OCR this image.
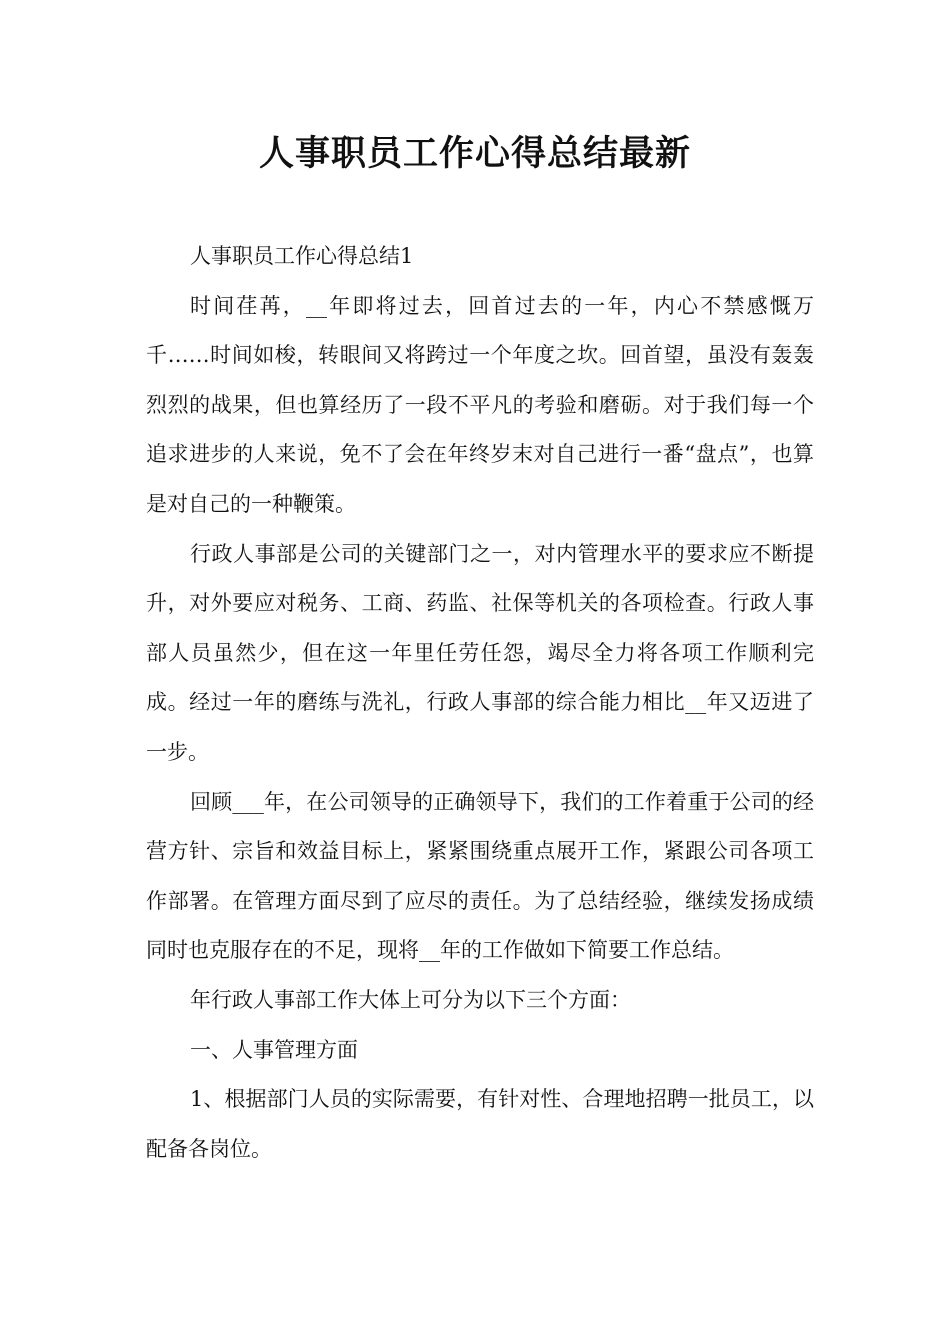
人事职员工作心得总结最新

人事职员工作心得总结1

时间荏苒，__年即将过去，回首过去的一年，内心不禁感慨万千……时间如梭，转眼间又将跨过一个年度之坎。回首望，虽没有轰轰烈烈的战果，但也算经历了一段不平凡的考验和磨砺。对于我们每一个追求进步的人来说，免不了会在年终岁末对自己进行一番“盘点”，也算是对自己的一种鞭策。

行政人事部是公司的关键部门之一，对内管理水平的要求应不断提升，对外要应对税务、工商、药监、社保等机关的各项检查。行政人事部人员虽然少，但在这一年里任劳任怨，竭尽全力将各项工作顺利完成。经过一年的磨练与洗礼，行政人事部的综合能力相比__年又迈进了一步。

回顾___年，在公司领导的正确领导下，我们的工作着重于公司的经营方针、宗旨和效益目标上，紧紧围绕重点展开工作，紧跟公司各项工作部署。在管理方面尽到了应尽的责任。为了总结经验，继续发扬成绩同时也克服存在的不足，现将__年的工作做如下简要工作总结。

年行政人事部工作大体上可分为以下三个方面：

一、人事管理方面

1、根据部门人员的实际需要，有针对性、合理地招聘一批员工，以配备各岗位。
